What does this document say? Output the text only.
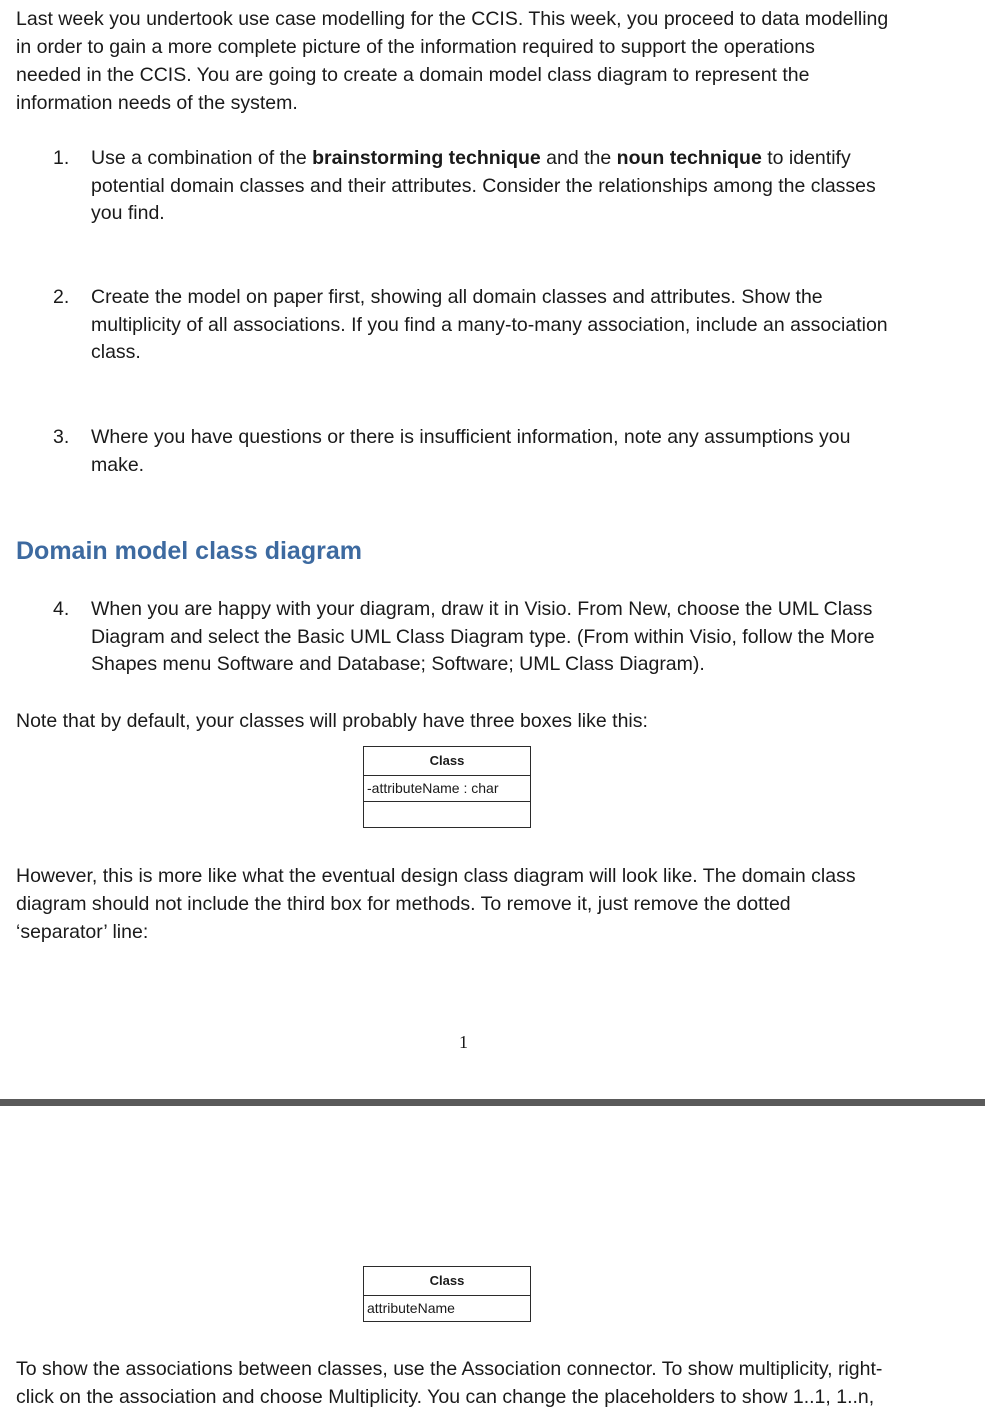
Last week you undertook use case modelling for the CCIS. This week, you proceed to data modelling
in order to gain a more complete picture of the information required to support the operations
needed in the CCIS. You are going to create a domain model class diagram to represent the
information needs of the system.
1. Use a combination of the brainstorming technique and the noun technique to identify
potential domain classes and their attributes. Consider the relationships among the classes
you find.
2. Create the model on paper first, showing all domain classes and attributes. Show the
multiplicity of all associations. If you find a many-to-many association, include an association
class.
3. Where you have questions or there is insufficient information, note any assumptions you
make.
Domain model class diagram
4. When you are happy with your diagram, draw it in Visio. From New, choose the UML Class
Diagram and select the Basic UML Class Diagram type. (From within Visio, follow the More
Shapes menu Software and Database; Software; UML Class Diagram).
Note that by default, your classes will probably have three boxes like this:
Class
-attributeName : char
However, this is more like what the eventual design class diagram will look like. The domain class
diagram should not include the third box for methods. To remove it, just remove the dotted
‘separator’ line:
1
Class
attributeName
To show the associations between classes, use the Association connector. To show multiplicity, right-
click on the association and choose Multiplicity. You can change the placeholders to show 1..1, 1..n,
